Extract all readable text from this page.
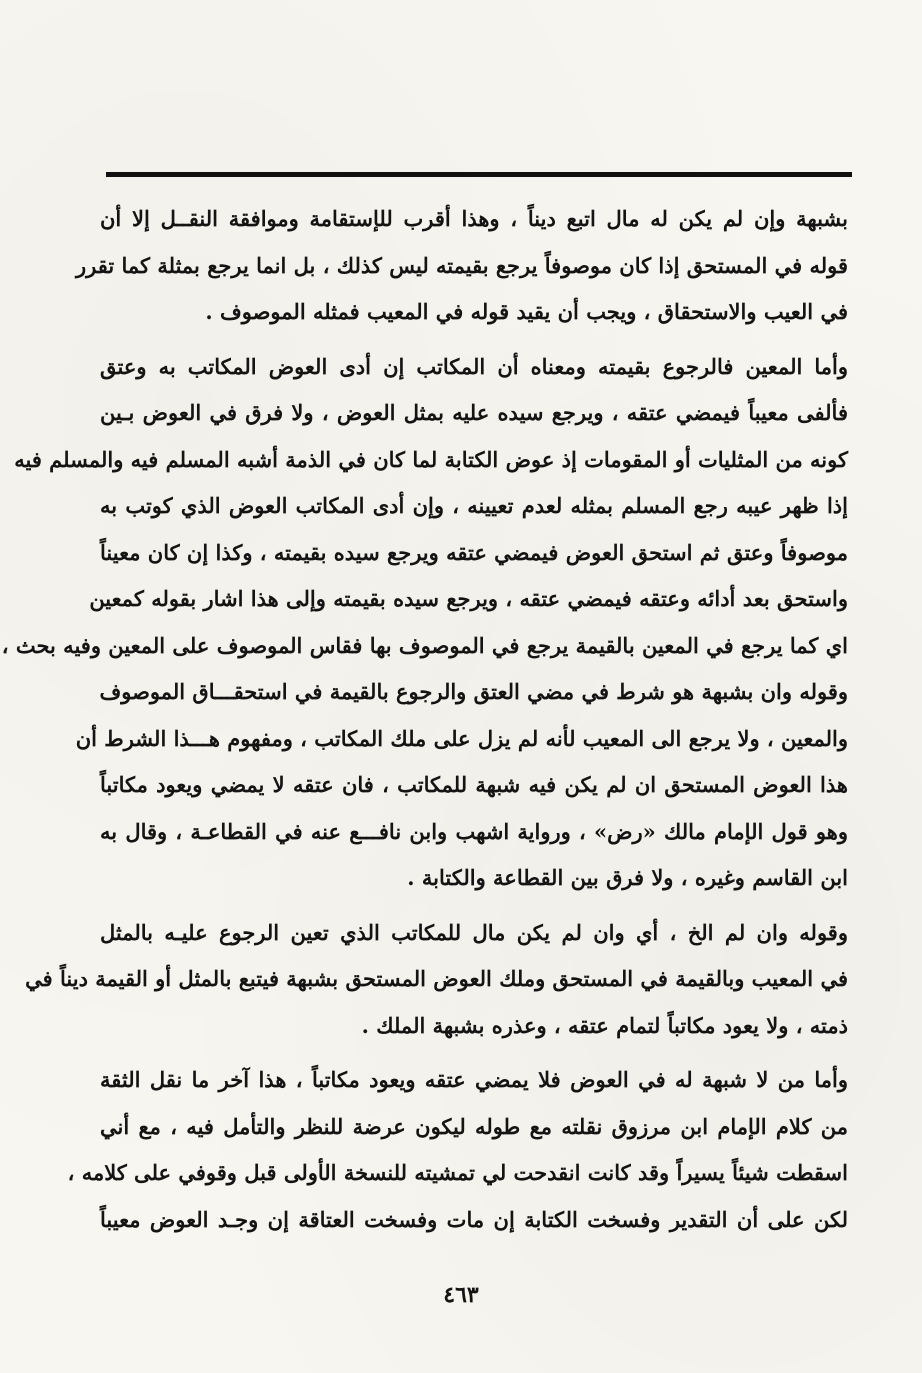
بشبهة وإن لم يكن له مال اتبع ديناً ، وهذا أقرب للإستقامة وموافقة النقــل إلا أن
قوله في المستحق إذا كان موصوفاً يرجع بقيمته ليس كذلك ، بل انما يرجع بمثلة كما تقرر
في العيب والاستحقاق ، ويجب أن يقيد قوله في المعيب فمثله الموصوف .
وأما المعين فالرجوع بقيمته ومعناه أن المكاتب إن أدى العوض المكاتب به وعتق
فألفى معيباً فيمضي عتقه ، ويرجع سيده عليه بمثل العوض ، ولا فرق في العوض بـين
كونه من المثليات أو المقومات إذ عوض الكتابة لما كان في الذمة أشبه المسلم فيه والمسلم فيه
إذا ظهر عيبه رجع المسلم بمثله لعدم تعيينه ، وإن أدى المكاتب العوض الذي كوتب به
موصوفاً وعتق ثم استحق العوض فيمضي عتقه ويرجع سيده بقيمته ، وكذا إن كان معيناً
واستحق بعد أدائه وعتقه فيمضي عتقه ، ويرجع سيده بقيمته وإلى هذا اشار بقوله كمعين
اي كما يرجع في المعين بالقيمة يرجع في الموصوف بها فقاس الموصوف على المعين وفيه بحث ،
وقوله وان بشبهة هو شرط في مضي العتق والرجوع بالقيمة في استحقـــاق الموصوف
والمعين ، ولا يرجع الى المعيب لأنه لم يزل على ملك المكاتب ، ومفهوم هـــذا الشرط أن
هذا العوض المستحق ان لم يكن فيه شبهة للمكاتب ، فان عتقه لا يمضي ويعود مكاتباً
وهو قول الإمام مالك «رض» ، ورواية اشهب وابن نافـــع عنه في القطاعـة ، وقال به
ابن القاسم وغيره ، ولا فرق بين القطاعة والكتابة .
وقوله وان لم الخ ، أي وان لم يكن مال للمكاتب الذي تعين الرجوع عليـه بالمثل
في المعيب وبالقيمة في المستحق وملك العوض المستحق بشبهة فيتبع بالمثل أو القيمة ديناً في
ذمته ، ولا يعود مكاتباً لتمام عتقه ، وعذره بشبهة الملك .
وأما من لا شبهة له في العوض فلا يمضي عتقه ويعود مكاتباً ، هذا آخر ما نقل الثقة
من كلام الإمام ابن مرزوق نقلته مع طوله ليكون عرضة للنظر والتأمل فيه ، مع أني
اسقطت شيئاً يسيراً وقد كانت انقدحت لي تمشيته للنسخة الأولى قبل وقوفي على كلامه ،
لكن على أن التقدير وفسخت الكتابة إن مات وفسخت العتاقة إن وجـد العوض معيباً
٤٦٣
